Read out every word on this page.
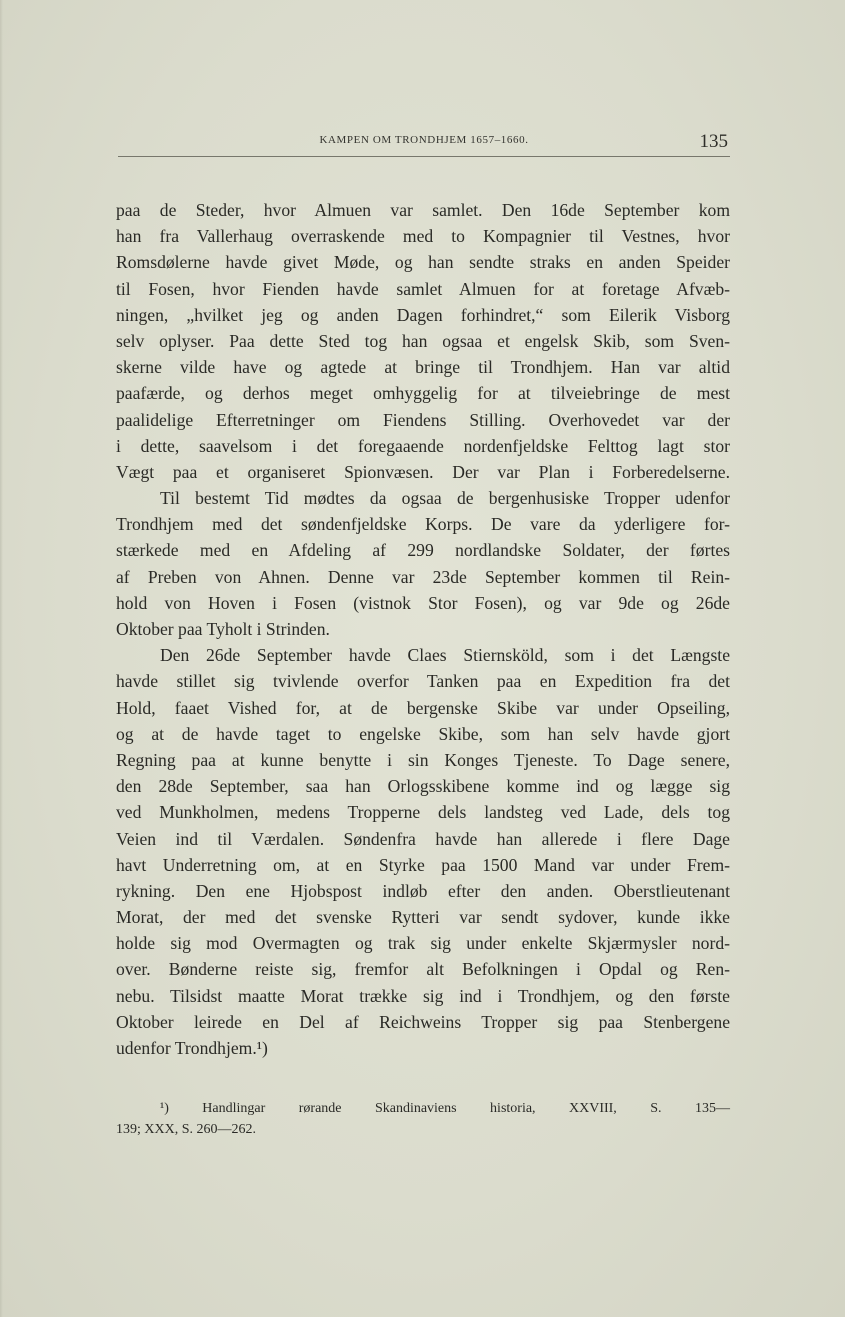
KAMPEN OM TRONDHJEM 1657–1660.	135
paa de Steder, hvor Almuen var samlet. Den 16de September kom
han fra Vallerhaug overraskende med to Kompagnier til Vestnes, hvor
Romsdølerne havde givet Møde, og han sendte straks en anden Speider
til Fosen, hvor Fienden havde samlet Almuen for at foretage Afvæb-
ningen, „hvilket jeg og anden Dagen forhindret,“ som Eilerik Visborg
selv oplyser. Paa dette Sted tog han ogsaa et engelsk Skib, som Sven-
skerne vilde have og agtede at bringe til Trondhjem. Han var altid
paafærde, og derhos meget omhyggelig for at tilveiebringe de mest
paalidelige Efterretninger om Fiendens Stilling. Overhovedet var der
i dette, saavelsom i det foregaaende nordenfjeldske Felttog lagt stor
Vægt paa et organiseret Spionvæsen. Der var Plan i Forberedelserne.
Til bestemt Tid mødtes da ogsaa de bergenhusiske Tropper udenfor
Trondhjem med det søndenfjeldske Korps. De vare da yderligere for-
stærkede med en Afdeling af 299 nordlandske Soldater, der førtes
af Preben von Ahnen. Denne var 23de September kommen til Rein-
hold von Hoven i Fosen (vistnok Stor Fosen), og var 9de og 26de
Oktober paa Tyholt i Strinden.
Den 26de September havde Claes Stiernsköld, som i det Længste
havde stillet sig tvivlende overfor Tanken paa en Expedition fra det
Hold, faaet Vished for, at de bergenske Skibe var under Opseiling,
og at de havde taget to engelske Skibe, som han selv havde gjort
Regning paa at kunne benytte i sin Konges Tjeneste. To Dage senere,
den 28de September, saa han Orlogsskibene komme ind og lægge sig
ved Munkholmen, medens Tropperne dels landsteg ved Lade, dels tog
Veien ind til Værdalen. Søndenfra havde han allerede i flere Dage
havt Underretning om, at en Styrke paa 1500 Mand var under Frem-
rykning. Den ene Hjobspost indløb efter den anden. Oberstlieutenant
Morat, der med det svenske Rytteri var sendt sydover, kunde ikke
holde sig mod Overmagten og trak sig under enkelte Skjærmysler nord-
over. Bønderne reiste sig, fremfor alt Befolkningen i Opdal og Ren-
nebu. Tilsidst maatte Morat trække sig ind i Trondhjem, og den første
Oktober leirede en Del af Reichweins Tropper sig paa Stenbergene
udenfor Trondhjem.¹)
¹) Handlingar rørande Skandinaviens historia, XXVIII, S. 135—
139; XXX, S. 260—262.
